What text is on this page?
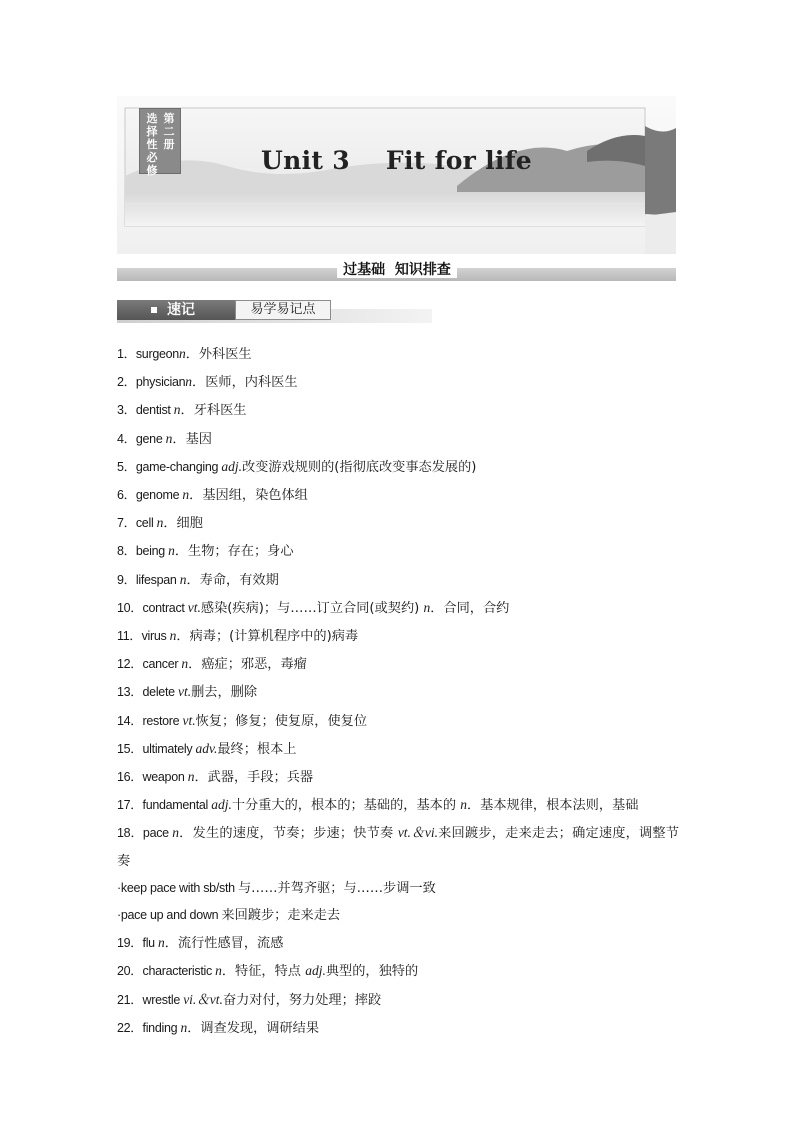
选择性必修
第二册
Unit 3    Fit for life
过基础  知识排查
速记	易学易记点
1．surgeonn．外科医生
2．physiciann．医师，内科医生
3．dentist n．牙科医生
4．gene n．基因
5．game-changing adj.改变游戏规则的(指彻底改变事态发展的)
6．genome n．基因组，染色体组
7．cell n．细胞
8．being n．生物；存在；身心
9．lifespan n．寿命，有效期
10．contract vt.感染(疾病)；与……订立合同(或契约) n．合同，合约
11．virus n．病毒；(计算机程序中的)病毒
12．cancer n．癌症；邪恶，毒瘤
13．delete vt.删去，删除
14．restore vt.恢复；修复；使复原，使复位
15．ultimately adv.最终；根本上
16．weapon n．武器，手段；兵器
17．fundamental adj.十分重大的，根本的；基础的，基本的 n．基本规律，根本法则，基础
18．pace n．发生的速度，节奏；步速；快节奏 vt.＆vi.来回踱步，走来走去；确定速度，调整节奏
·keep pace with sb/sth 与……并驾齐驱；与……步调一致
·pace up and down 来回踱步；走来走去
19．flu n．流行性感冒，流感
20．characteristic n．特征，特点 adj.典型的，独特的
21．wrestle vi.＆vt.奋力对付，努力处理；摔跤
22．finding n．调查发现，调研结果
